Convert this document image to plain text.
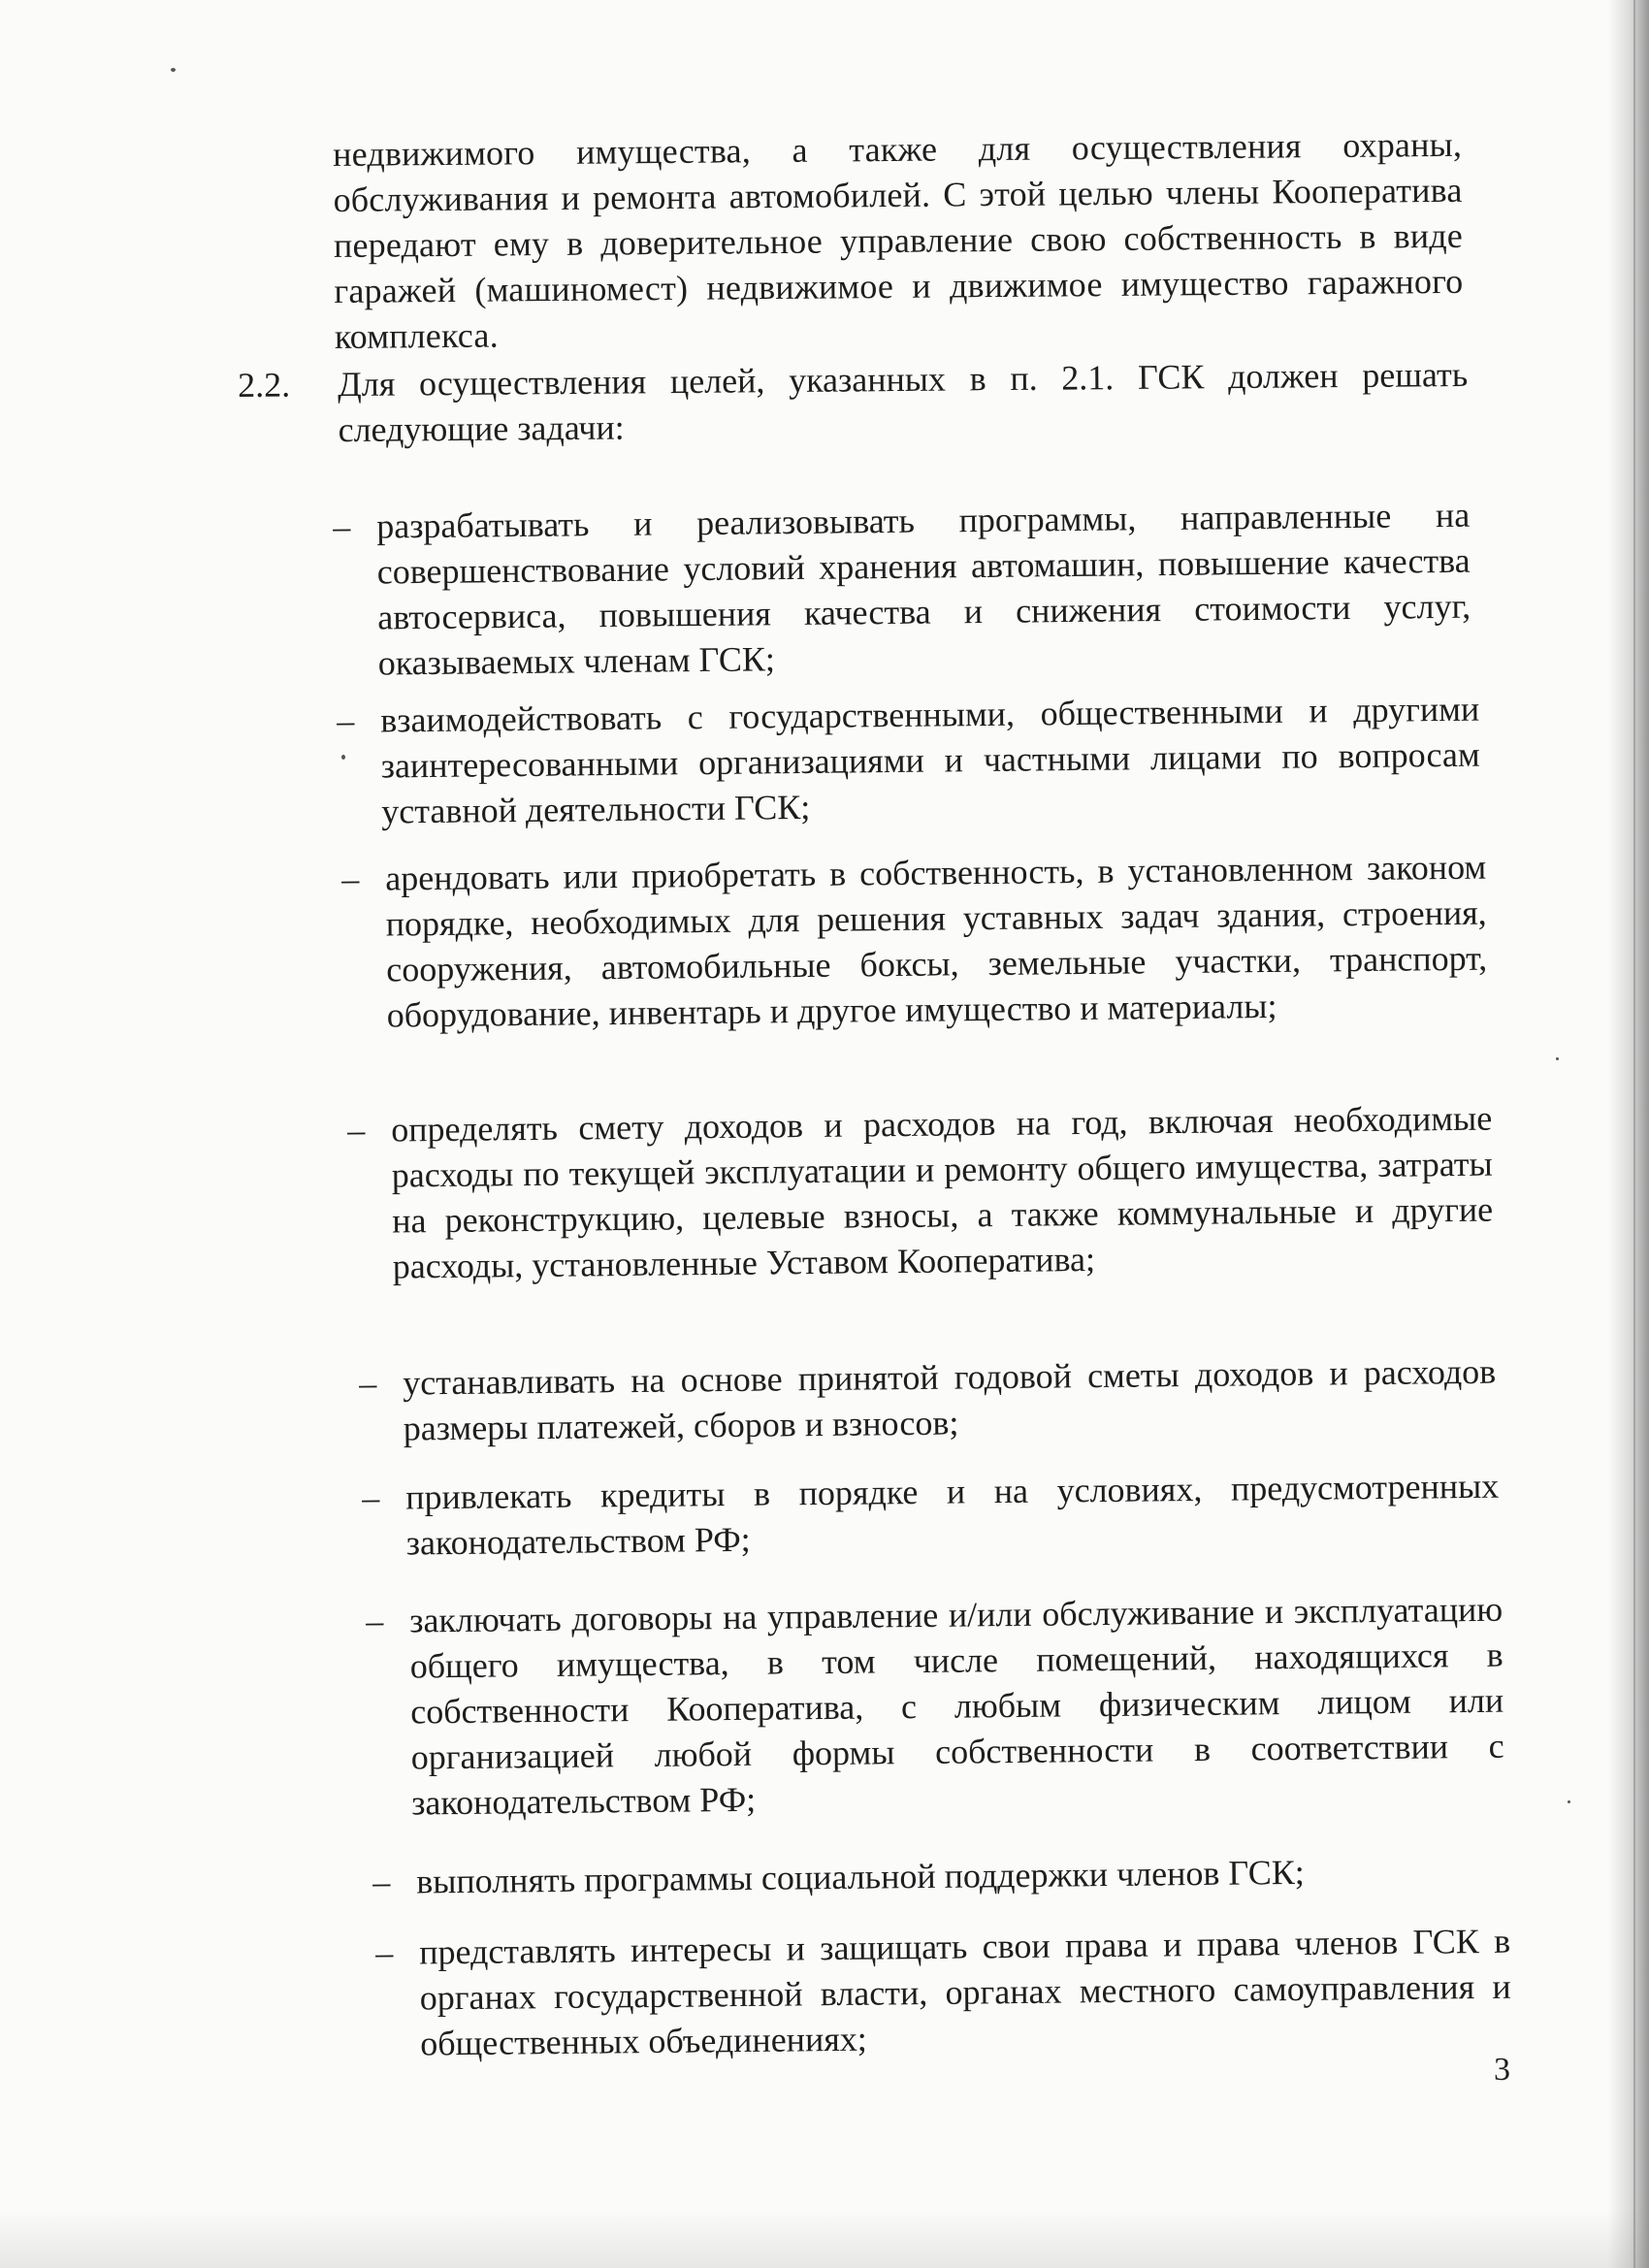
недвижимого имущества, а также для осуществления охраны, обслуживания и ремонта автомобилей. С этой целью члены Кооператива передают ему в доверительное управление свою собственность в виде гаражей (машиномест) недвижимое и движимое имущество гаражного комплекса.

2.2. Для осуществления целей, указанных в п. 2.1. ГСК должен решать следующие задачи:

– разрабатывать и реализовывать программы, направленные на совершенствование условий хранения автомашин, повышение качества автосервиса, повышения качества и снижения стоимости услуг, оказываемых членам ГСК;

– взаимодействовать с государственными, общественными и другими заинтересованными организациями и частными лицами по вопросам уставной деятельности ГСК;

– арендовать или приобретать в собственность, в установленном законом порядке, необходимых для решения уставных задач здания, строения, сооружения, автомобильные боксы, земельные участки, транспорт, оборудование, инвентарь и другое имущество и материалы;

– определять смету доходов и расходов на год, включая необходимые расходы по текущей эксплуатации и ремонту общего имущества, затраты на реконструкцию, целевые взносы, а также коммунальные и другие расходы, установленные Уставом Кооператива;

– устанавливать на основе принятой годовой сметы доходов и расходов размеры платежей, сборов и взносов;

– привлекать кредиты в порядке и на условиях, предусмотренных законодательством РФ;

– заключать договоры на управление и/или обслуживание и эксплуатацию общего имущества, в том числе помещений, находящихся в собственности Кооператива, с любым физическим лицом или организацией любой формы собственности в соответствии с законодательством РФ;

– выполнять программы социальной поддержки членов ГСК;

– представлять интересы и защищать свои права и права членов ГСК в органах государственной власти, органах местного самоуправления и общественных объединениях;

3
